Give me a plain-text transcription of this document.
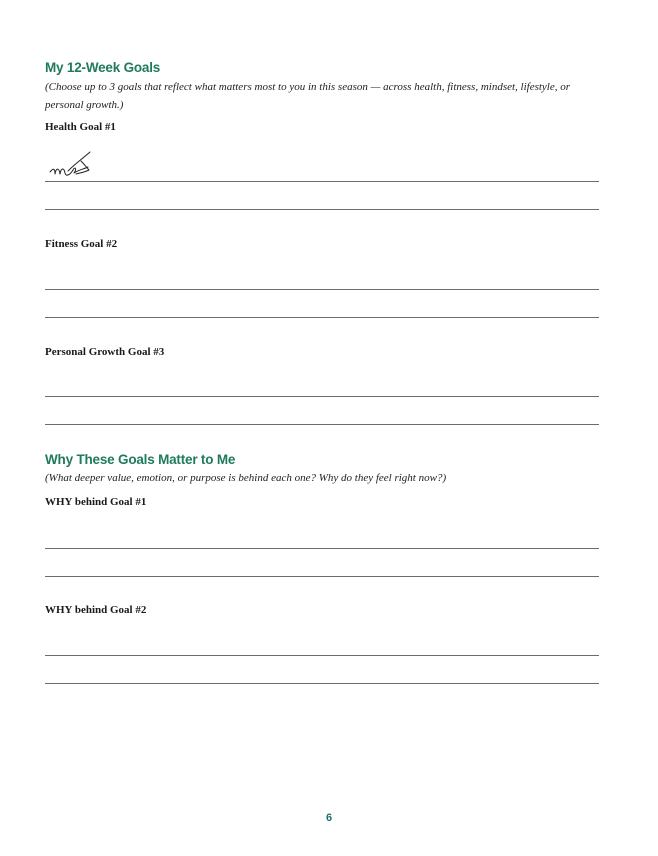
My 12-Week Goals

(Choose up to 3 goals that reflect what matters most to you in this season — across health, fitness, mindset, lifestyle, or personal growth.)

Health Goal #1
Fitness Goal #2
Personal Growth Goal #3
Why These Goals Matter to Me

(What deeper value, emotion, or purpose is behind each one? Why do they feel right now?)

WHY behind Goal #1
WHY behind Goal #2
6
